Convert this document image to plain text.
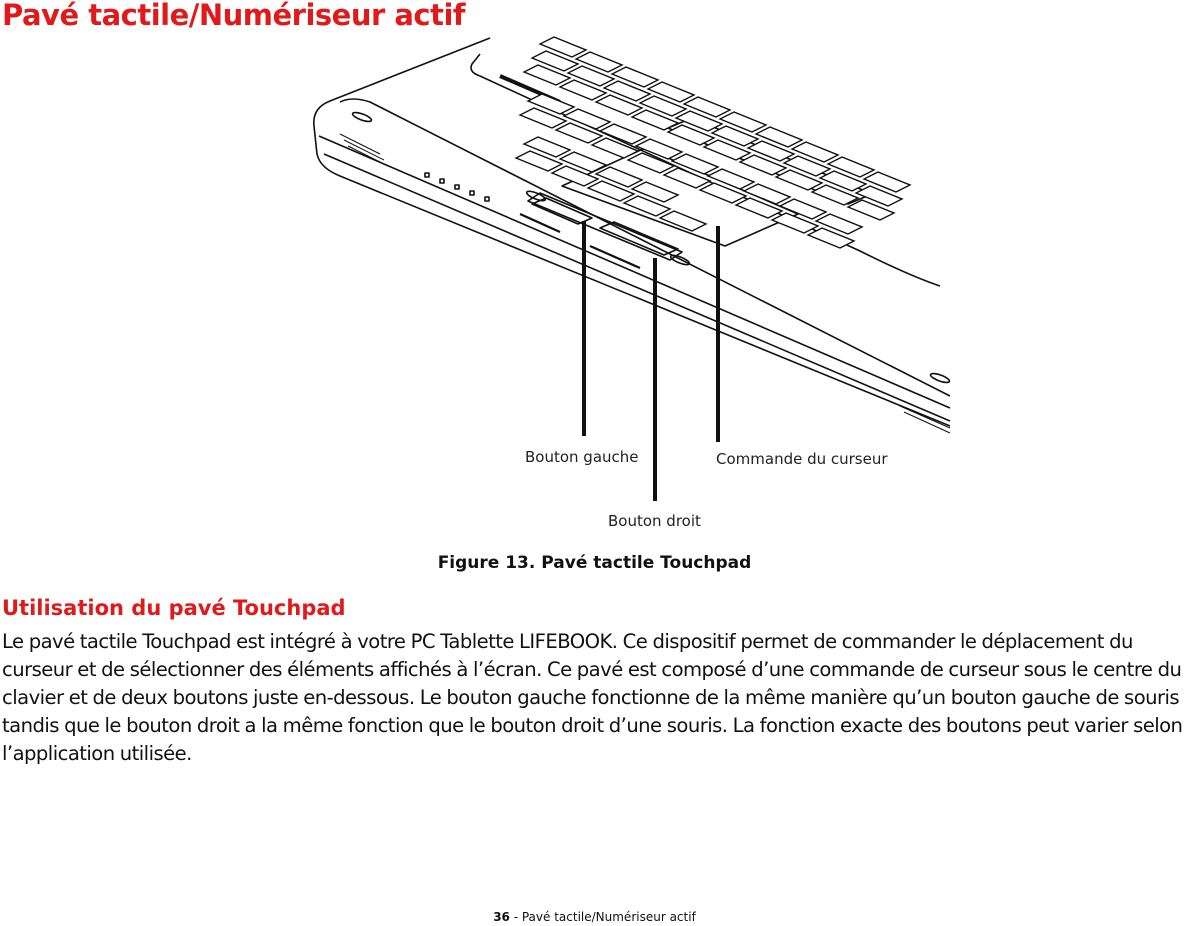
Pavé tactile/Numériseur actif
Bouton gauche
Bouton droit
Commande du curseur
Figure 13. Pavé tactile Touchpad
Utilisation du pavé Touchpad

Le pavé tactile Touchpad est intégré à votre PC Tablette LIFEBOOK. Ce dispositif permet de commander le déplacement du curseur et de sélectionner des éléments affichés à l’écran. Ce pavé est composé d’une commande de curseur sous le centre du clavier et de deux boutons juste en-dessous. Le bouton gauche fonctionne de la même manière qu’un bouton gauche de souris tandis que le bouton droit a la même fonction que le bouton droit d’une souris. La fonction exacte des boutons peut varier selon l’application utilisée.

36 - Pavé tactile/Numériseur actif
